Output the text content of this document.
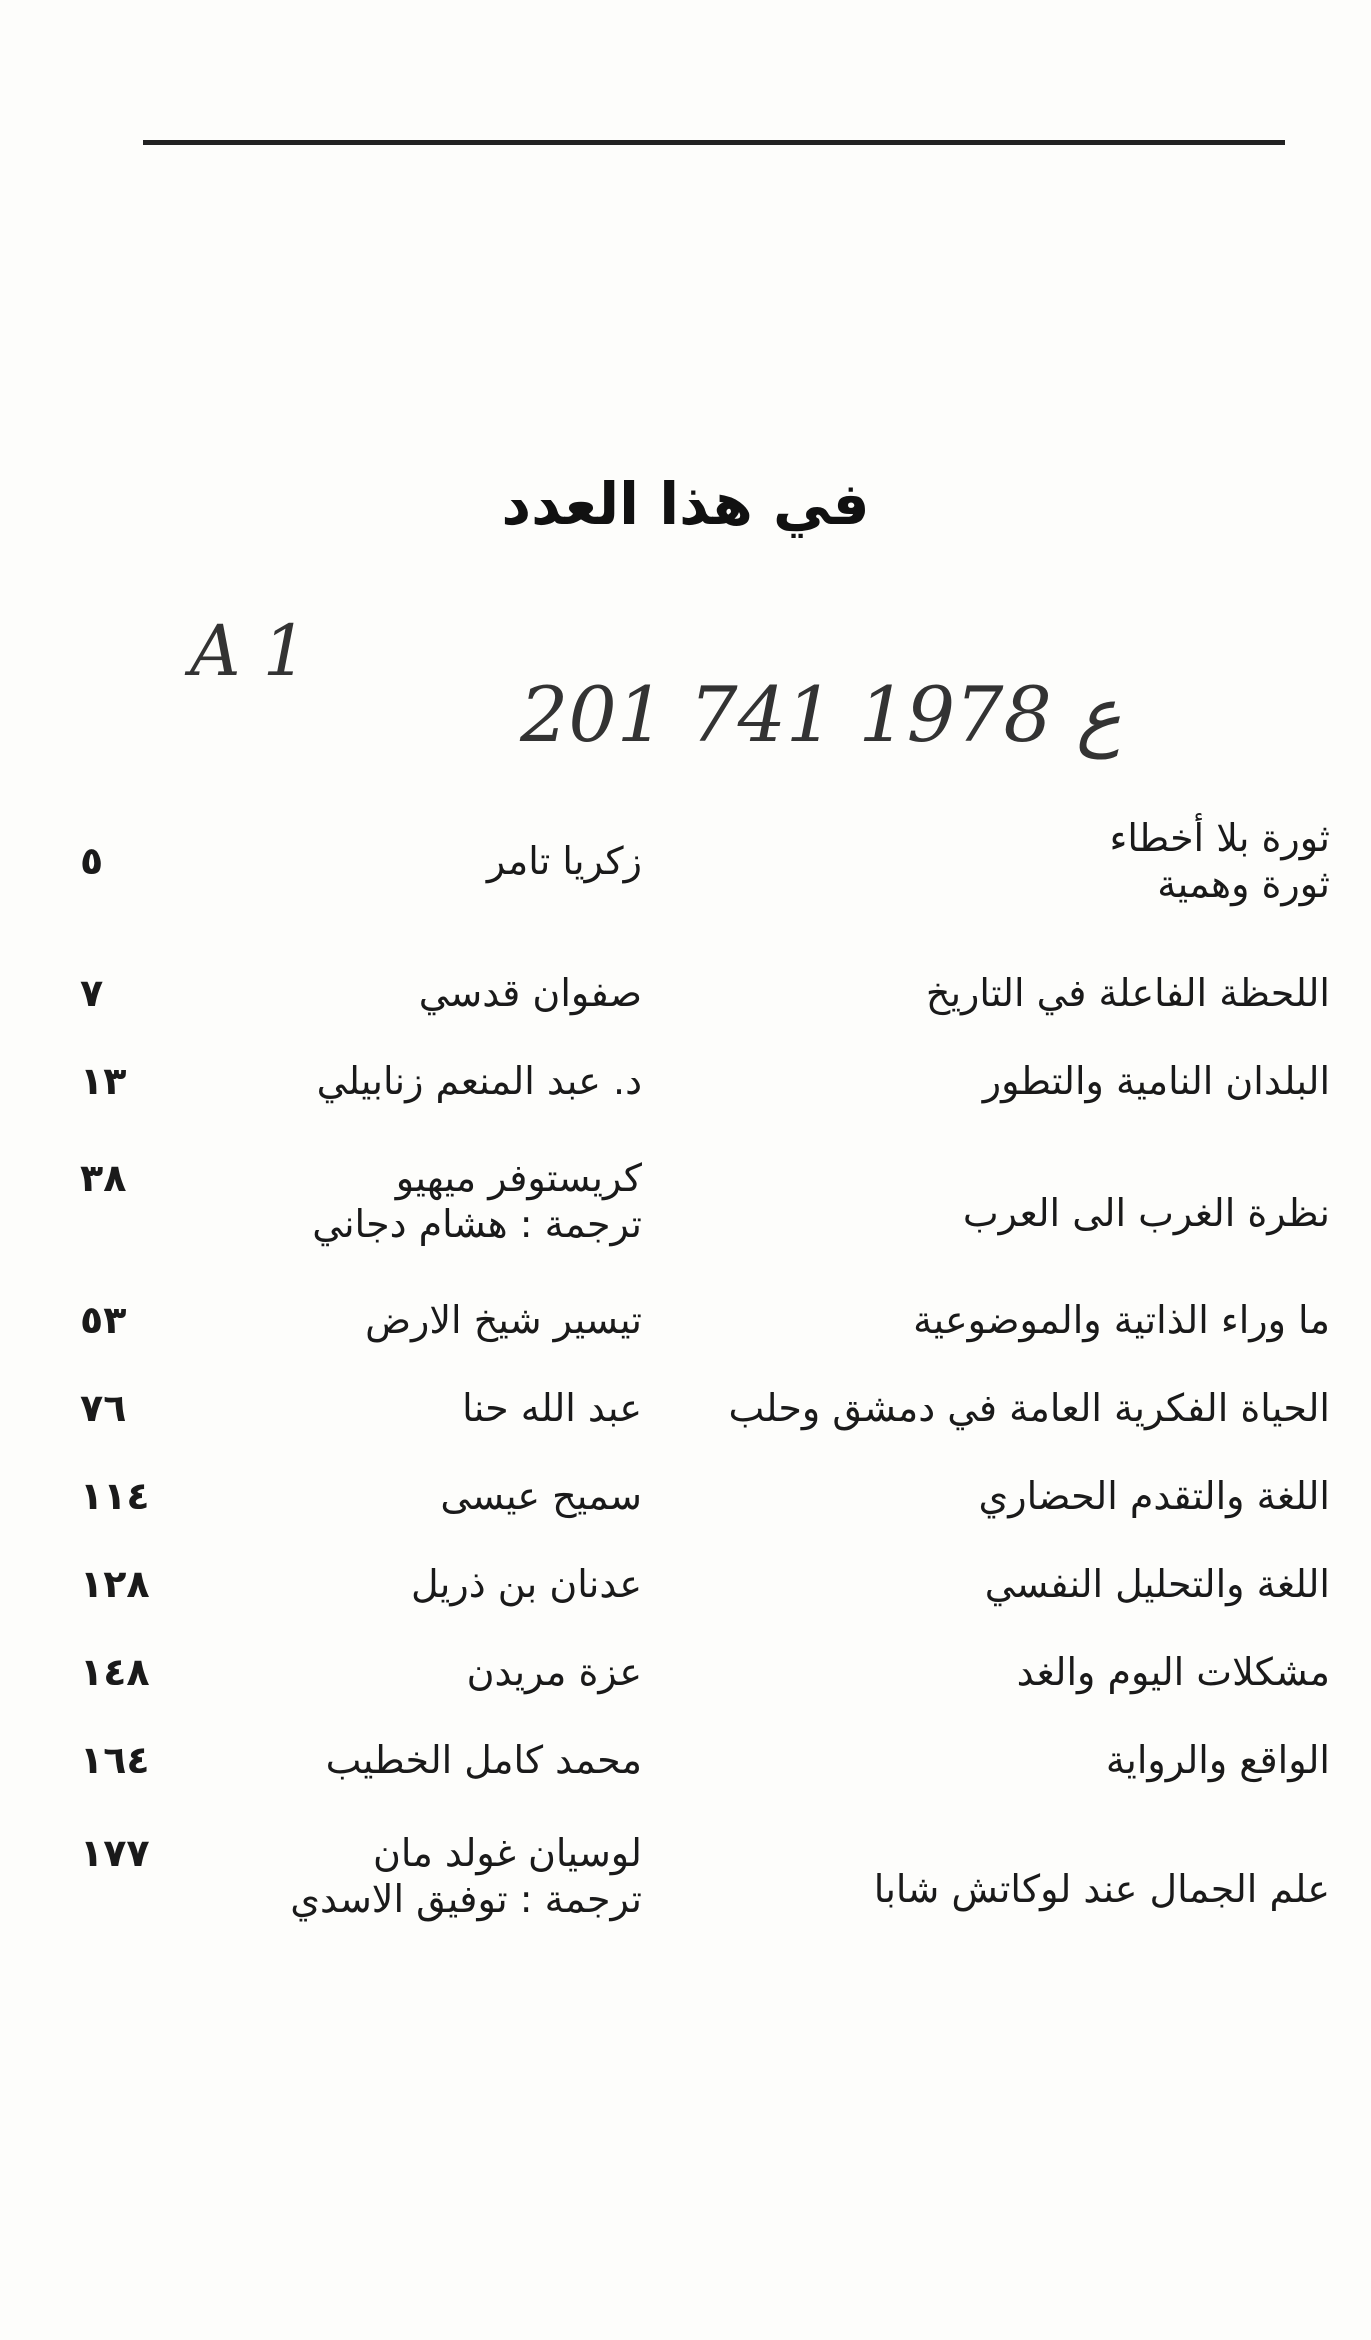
في هذا العدد
A 1
201 ع 1978 741
ثورة بلا أخطاء
ثورة وهمية
زكريا تامر
٥
اللحظة الفاعلة في التاريخ
صفوان قدسي
٧
البلدان النامية والتطور
د. عبد المنعم زنابيلي
١٣
نظرة الغرب الى العرب
كريستوفر ميهيو
ترجمة : هشام دجاني
٣٨
ما وراء الذاتية والموضوعية
تيسير شيخ الارض
٥٣
الحياة الفكرية العامة في دمشق وحلب
عبد الله حنا
٧٦
اللغة والتقدم الحضاري
سميح عيسى
١١٤
اللغة والتحليل النفسي
عدنان بن ذريل
١٢٨
مشكلات اليوم والغد
عزة مريدن
١٤٨
الواقع والرواية
محمد كامل الخطيب
١٦٤
علم الجمال عند لوكاتش شابا
لوسيان غولد مان
ترجمة : توفيق الاسدي
١٧٧
